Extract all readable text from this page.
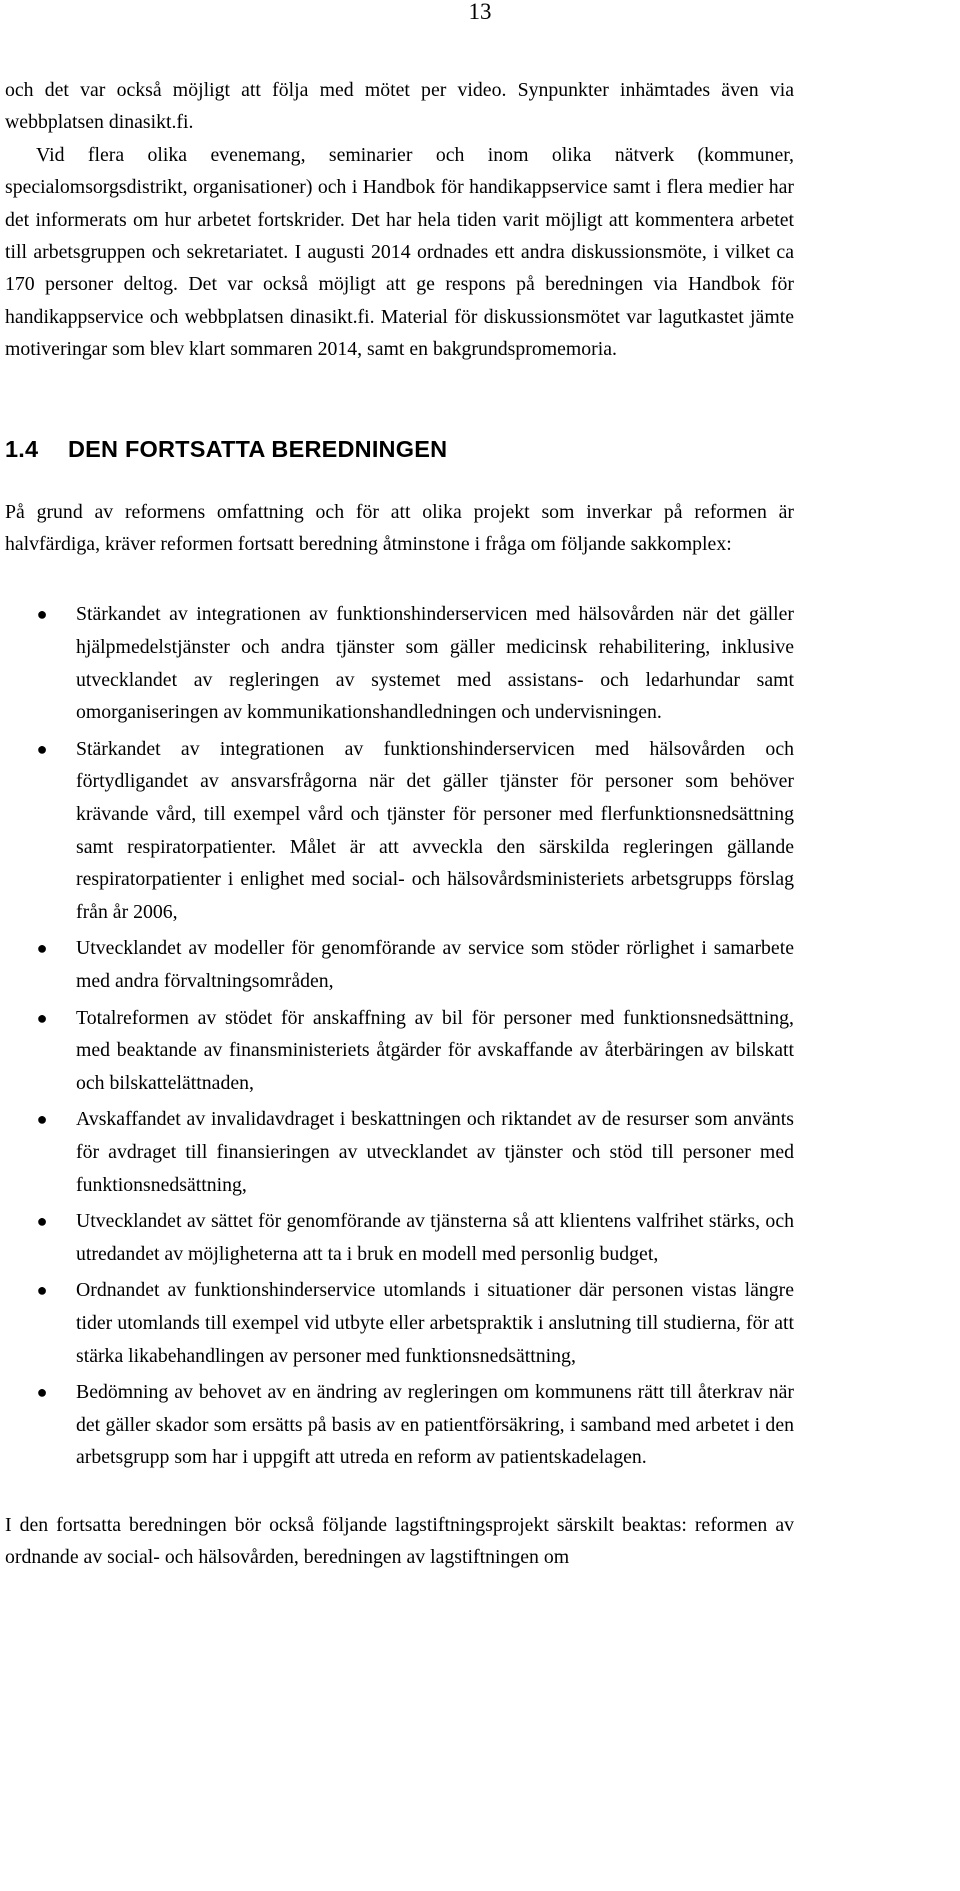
13

och det var också möjligt att följa med mötet per video. Synpunkter inhämtades även via webbplatsen dinasikt.fi.

Vid flera olika evenemang, seminarier och inom olika nätverk (kommuner, specialomsorgsdistrikt, organisationer) och i Handbok för handikappservice samt i flera medier har det informerats om hur arbetet fortskrider. Det har hela tiden varit möjligt att kommentera arbetet till arbetsgruppen och sekretariatet. I augusti 2014 ordnades ett andra diskussionsmöte, i vilket ca 170 personer deltog. Det var också möjligt att ge respons på beredningen via Handbok för handikappservice och webbplatsen dinasikt.fi. Material för diskussionsmötet var lagutkastet jämte motiveringar som blev klart sommaren 2014, samt en bakgrundspromemoria.

1.4 DEN FORTSATTA BEREDNINGEN

På grund av reformens omfattning och för att olika projekt som inverkar på reformen är halvfärdiga, kräver reformen fortsatt beredning åtminstone i fråga om följande sakkomplex:

● Stärkandet av integrationen av funktionshinderservicen med hälsovården när det gäller hjälpmedelstjänster och andra tjänster som gäller medicinsk rehabilitering, inklusive utvecklandet av regleringen av systemet med assistans- och ledarhundar samt omorganiseringen av kommunikationshandledningen och undervisningen.
● Stärkandet av integrationen av funktionshinderservicen med hälsovården och förtydligandet av ansvarsfrågorna när det gäller tjänster för personer som behöver krävande vård, till exempel vård och tjänster för personer med flerfunktionsnedsättning samt respiratorpatienter. Målet är att avveckla den särskilda regleringen gällande respiratorpatienter i enlighet med social- och hälsovårdsministeriets arbetsgrupps förslag från år 2006,
● Utvecklandet av modeller för genomförande av service som stöder rörlighet i samarbete med andra förvaltningsområden,
● Totalreformen av stödet för anskaffning av bil för personer med funktionsnedsättning, med beaktande av finansministeriets åtgärder för avskaffande av återbäringen av bilskatt och bilskattelättnaden,
● Avskaffandet av invalidavdraget i beskattningen och riktandet av de resurser som använts för avdraget till finansieringen av utvecklandet av tjänster och stöd till personer med funktionsnedsättning,
● Utvecklandet av sättet för genomförande av tjänsterna så att klientens valfrihet stärks, och utredandet av möjligheterna att ta i bruk en modell med personlig budget,
● Ordnandet av funktionshinderservice utomlands i situationer där personen vistas längre tider utomlands till exempel vid utbyte eller arbetspraktik i anslutning till studierna, för att stärka likabehandlingen av personer med funktionsnedsättning,
● Bedömning av behovet av en ändring av regleringen om kommunens rätt till återkrav när det gäller skador som ersätts på basis av en patientförsäkring, i samband med arbetet i den arbetsgrupp som har i uppgift att utreda en reform av patientskadelagen.

I den fortsatta beredningen bör också följande lagstiftningsprojekt särskilt beaktas: reformen av ordnande av social- och hälsovården, beredningen av lagstiftningen om
